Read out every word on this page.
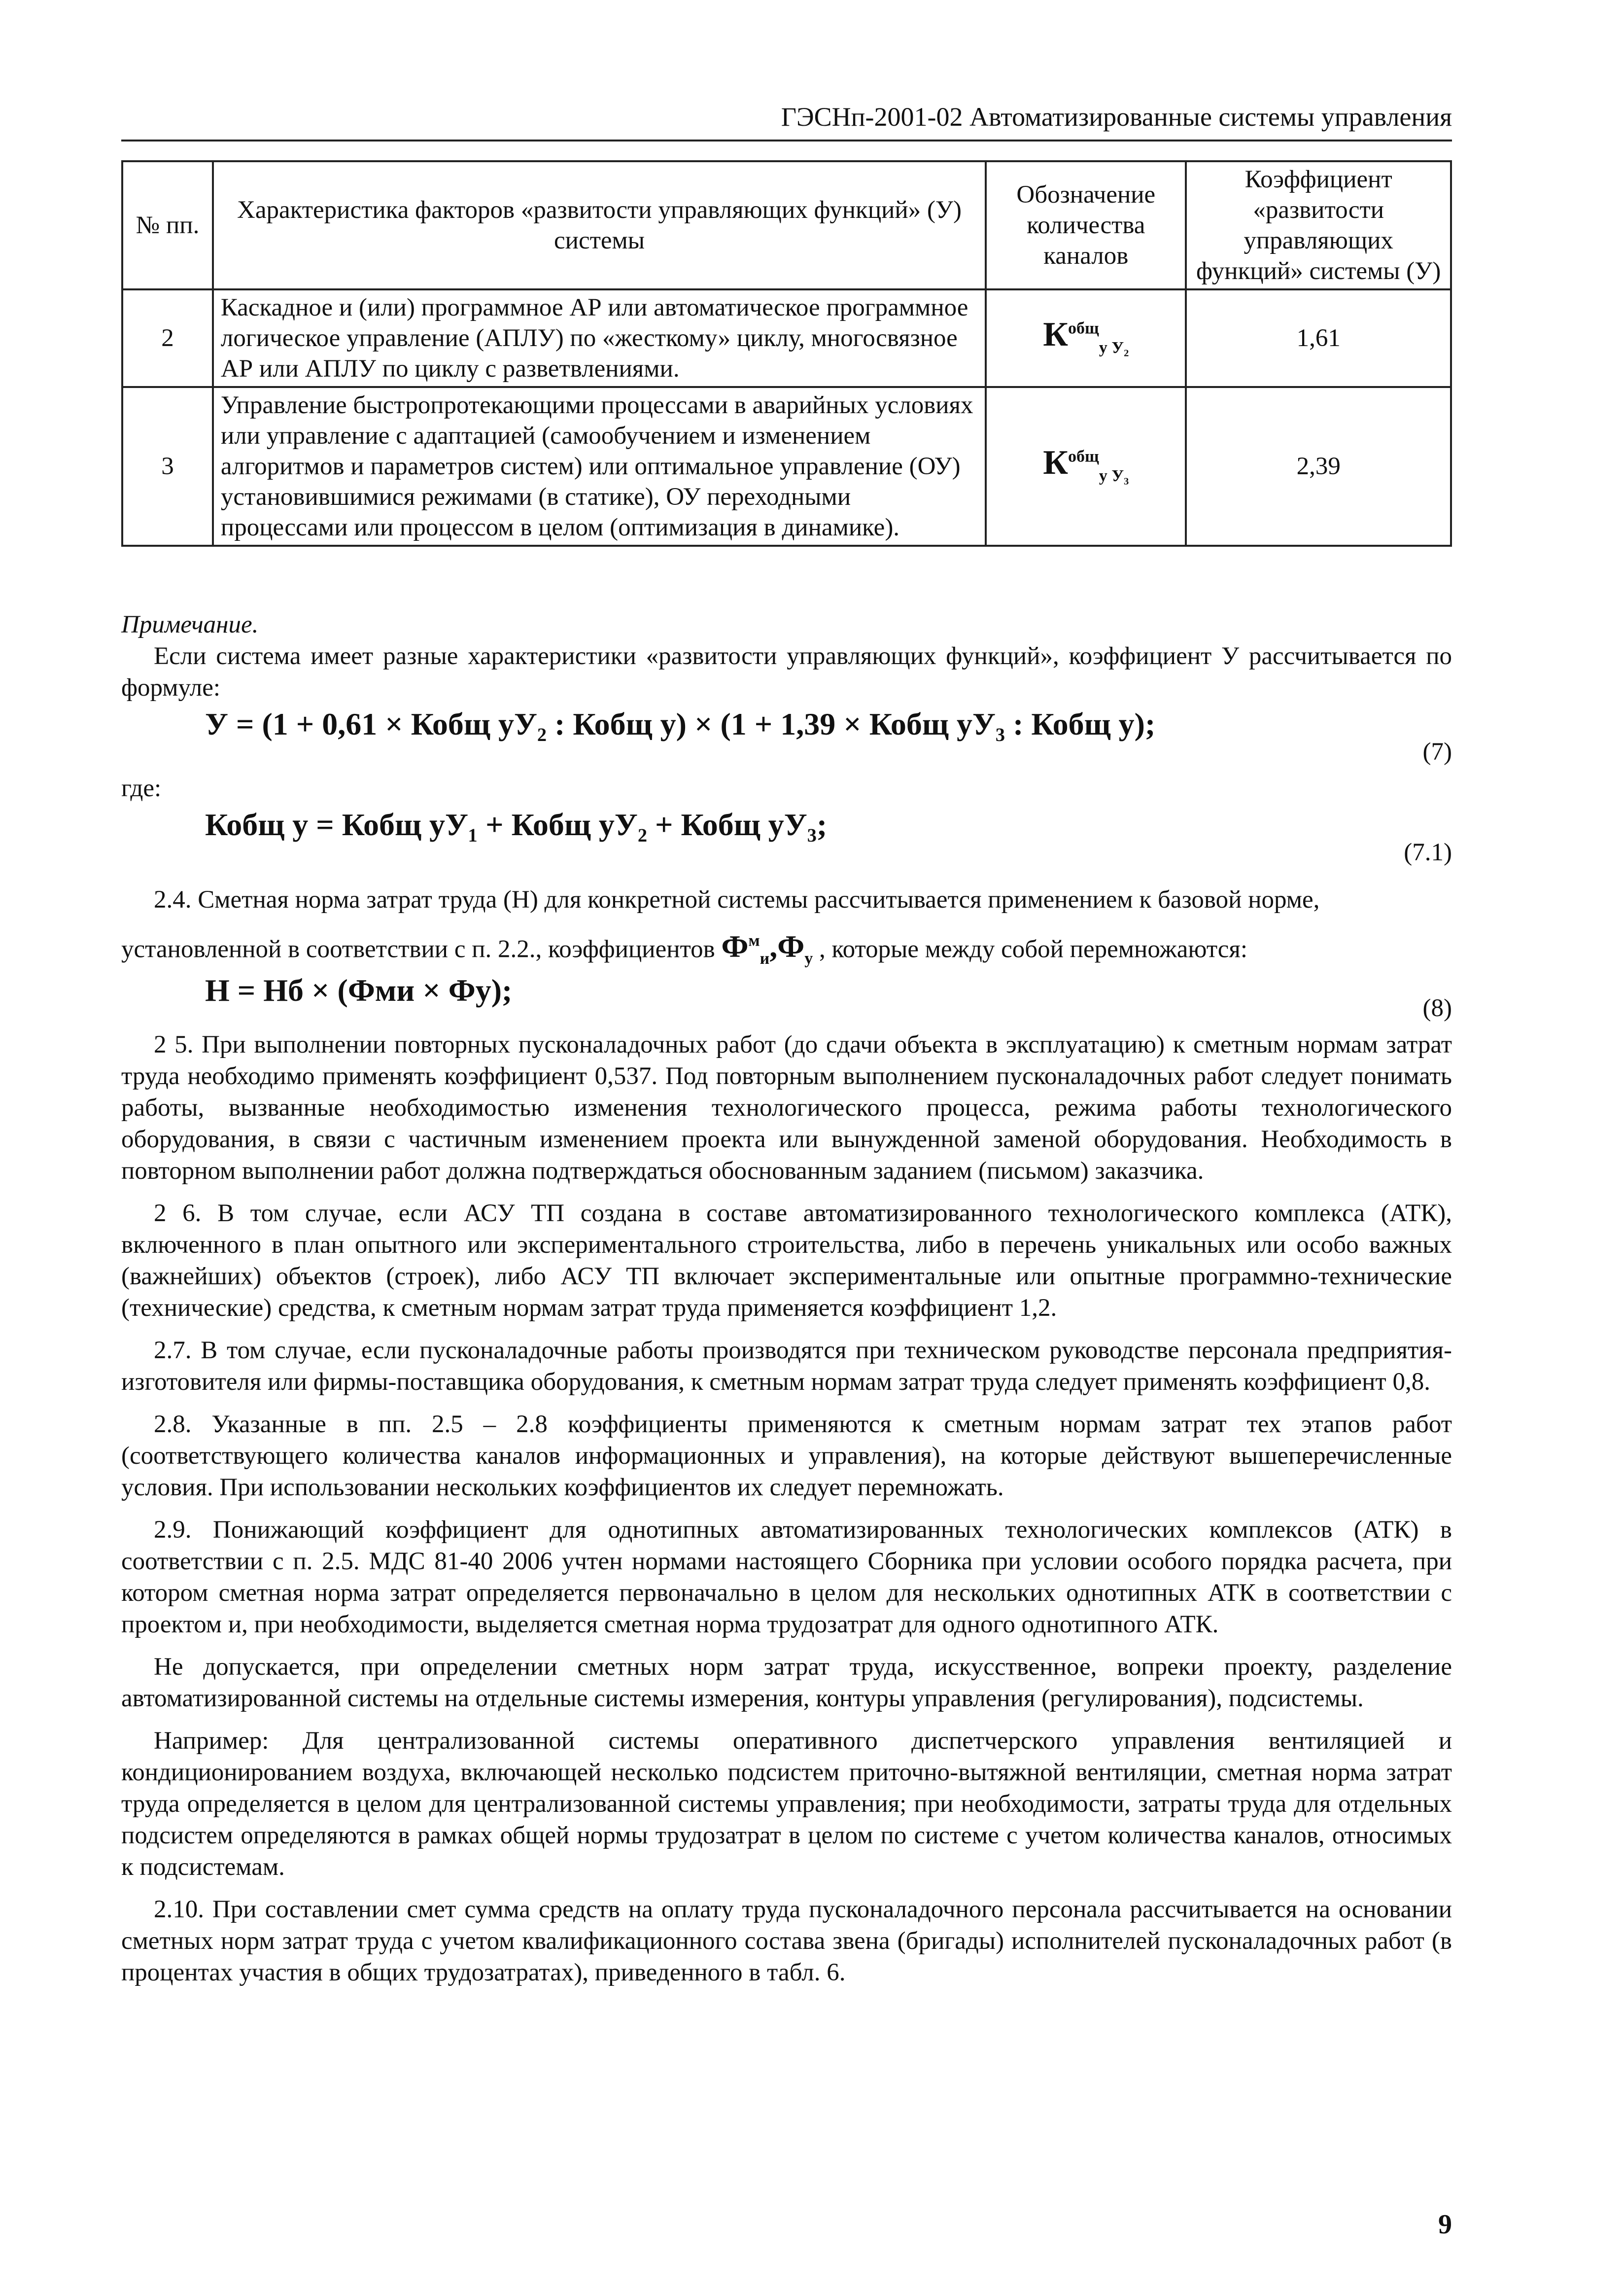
ГЭСНп-2001-02 Автоматизированные системы управления
№ пп.	Характеристика факторов «развитости управляющих функций» (У) системы	Обозначение количества каналов	Коэффициент «развитости управляющих функций» системы (У)
2	Каскадное и (или) программное АР или автоматическое программное логическое управление (АПЛУ) по «жесткому» циклу, многосвязное АР или АПЛУ по циклу с разветвлениями.	$К^{общ}_{у У_2}$	1,61
3	Управление быстропротекающими процессами в аварийных условиях или управление с адаптацией (самообучением и изменением алгоритмов и параметров систем) или оптимальное управление (ОУ) установившимися режимами (в статике), ОУ переходными процессами или процессом в целом (оптимизация в динамике).	$К^{общ}_{у У_3}$	2,39

Примечание.

Если система имеет разные характеристики «развитости управляющих функций», коэффициент У рассчитывается по формуле:

У = (1 + 0,61 × Кобщ уУ₂ : Кобщ у) × (1 + 1,39 × Кобщ уУ₃ : Кобщ у);
(7)

где:

Кобщ у = Кобщ уУ₁ + Кобщ уУ₂ + Кобщ уУ₃;
(7.1)

2.4. Сметная норма затрат труда (Н) для конкретной системы рассчитывается применением к базовой норме,

установленной в соответствии с п. 2.2., коэффициентов $Ф^м_и,Ф_у$ , которые между собой перемножаются:

Н = Нб × (Фми × Фу);
(8)

2 5. При выполнении повторных пусконаладочных работ (до сдачи объекта в эксплуатацию) к сметным нормам затрат труда необходимо применять коэффициент 0,537. Под повторным выполнением пусконаладочных работ следует понимать работы, вызванные необходимостью изменения технологического процесса, режима работы технологического оборудования, в связи с частичным изменением проекта или вынужденной заменой оборудования. Необходимость в повторном выполнении работ должна подтверждаться обоснованным заданием (письмом) заказчика.

2 6. В том случае, если АСУ ТП создана в составе автоматизированного технологического комплекса (АТК), включенного в план опытного или экспериментального строительства, либо в перечень уникальных или особо важных (важнейших) объектов (строек), либо АСУ ТП включает экспериментальные или опытные программно-технические (технические) средства, к сметным нормам затрат труда применяется коэффициент 1,2.

2.7. В том случае, если пусконаладочные работы производятся при техническом руководстве персонала предприятия-изготовителя или фирмы-поставщика оборудования, к сметным нормам затрат труда следует применять коэффициент 0,8.

2.8. Указанные в пп. 2.5 – 2.8 коэффициенты применяются к сметным нормам затрат тех этапов работ (соответствующего количества каналов информационных и управления), на которые действуют вышеперечисленные условия. При использовании нескольких коэффициентов их следует перемножать.

2.9. Понижающий коэффициент для однотипных автоматизированных технологических комплексов (АТК) в соответствии с п. 2.5. МДС 81-40 2006 учтен нормами настоящего Сборника при условии особого порядка расчета, при котором сметная норма затрат определяется первоначально в целом для нескольких однотипных АТК в соответствии с проектом и, при необходимости, выделяется сметная норма трудозатрат для одного однотипного АТК.

Не допускается, при определении сметных норм затрат труда, искусственное, вопреки проекту, разделение автоматизированной системы на отдельные системы измерения, контуры управления (регулирования), подсистемы.

Например: Для централизованной системы оперативного диспетчерского управления вентиляцией и кондиционированием воздуха, включающей несколько подсистем приточно-вытяжной вентиляции, сметная норма затрат труда определяется в целом для централизованной системы управления; при необходимости, затраты труда для отдельных подсистем определяются в рамках общей нормы трудозатрат в целом по системе с учетом количества каналов, относимых к подсистемам.

2.10. При составлении смет сумма средств на оплату труда пусконаладочного персонала рассчитывается на основании сметных норм затрат труда с учетом квалификационного состава звена (бригады) исполнителей пусконаладочных работ (в процентах участия в общих трудозатратах), приведенного в табл. 6.

9
